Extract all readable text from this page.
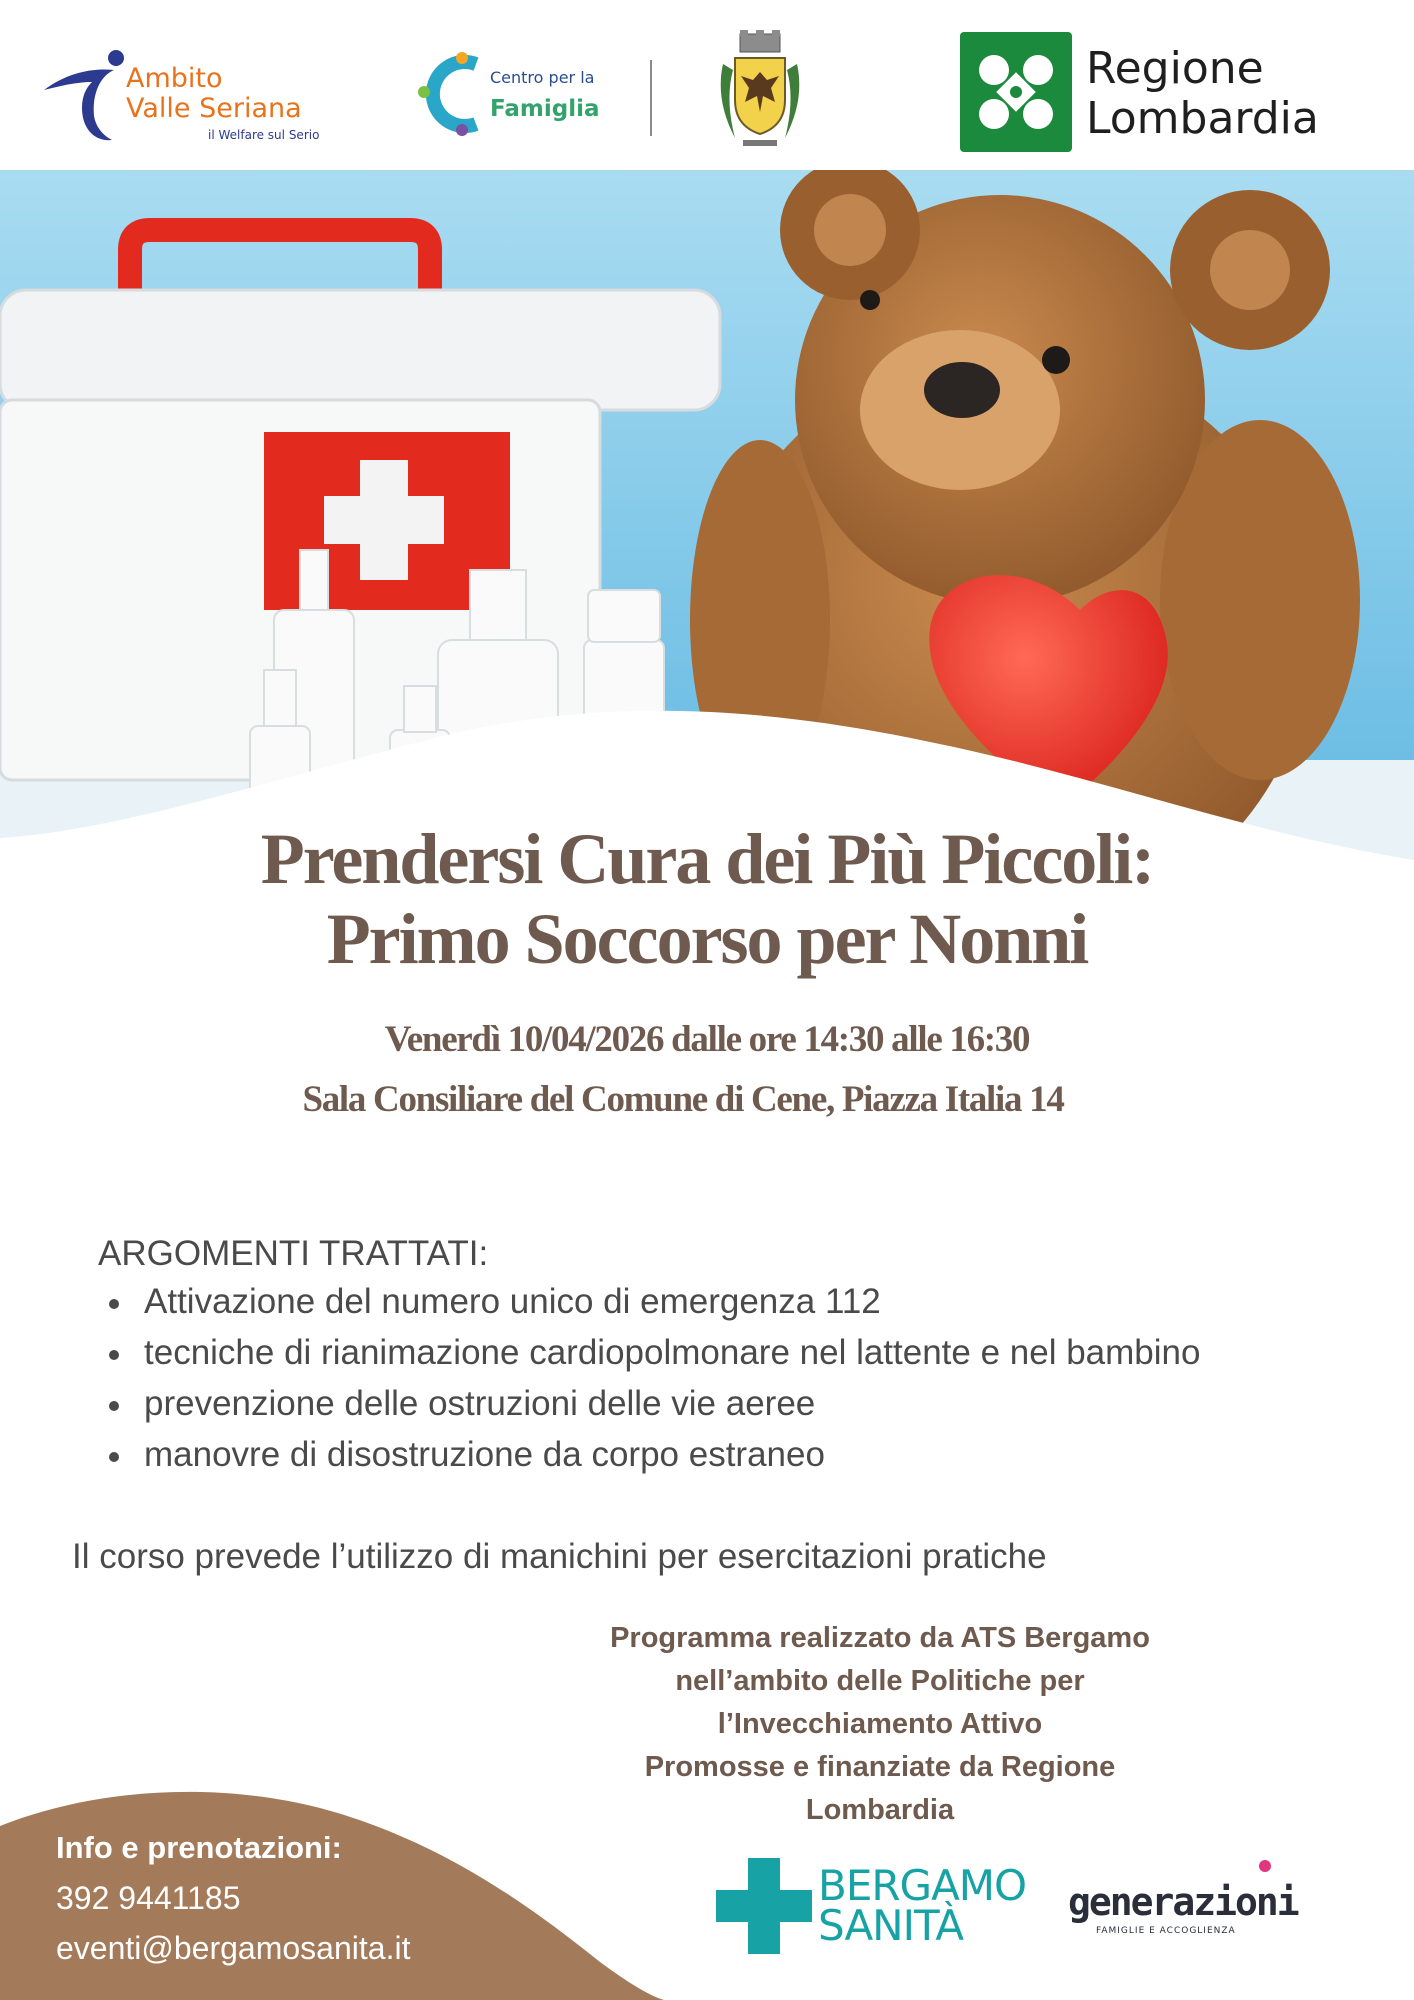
Ambito
Valle Seriana
il Welfare sul Serio
Centro per la
Famiglia
Regione
Lombardia
Prendersi Cura dei Più Piccoli:
Primo Soccorso per Nonni
Venerdì 10/04/2026 dalle ore 14:30 alle 16:30
Sala Consiliare del Comune di Cene, Piazza Italia 14
ARGOMENTI TRATTATI:
Attivazione del numero unico di emergenza 112
tecniche di rianimazione cardiopolmonare nel lattente e nel bambino
prevenzione delle ostruzioni delle vie aeree
manovre di disostruzione da corpo estraneo
Il corso prevede l’utilizzo di manichini per esercitazioni pratiche
Programma realizzato da ATS Bergamo
nell’ambito delle Politiche per
l’Invecchiamento Attivo
Promosse e finanziate da Regione
Lombardia
Info e prenotazioni:
392 9441185
eventi@bergamosanita.it
BERGAMO
SANITÀ	generazioni
FAMIGLIE E ACCOGLIENZA
